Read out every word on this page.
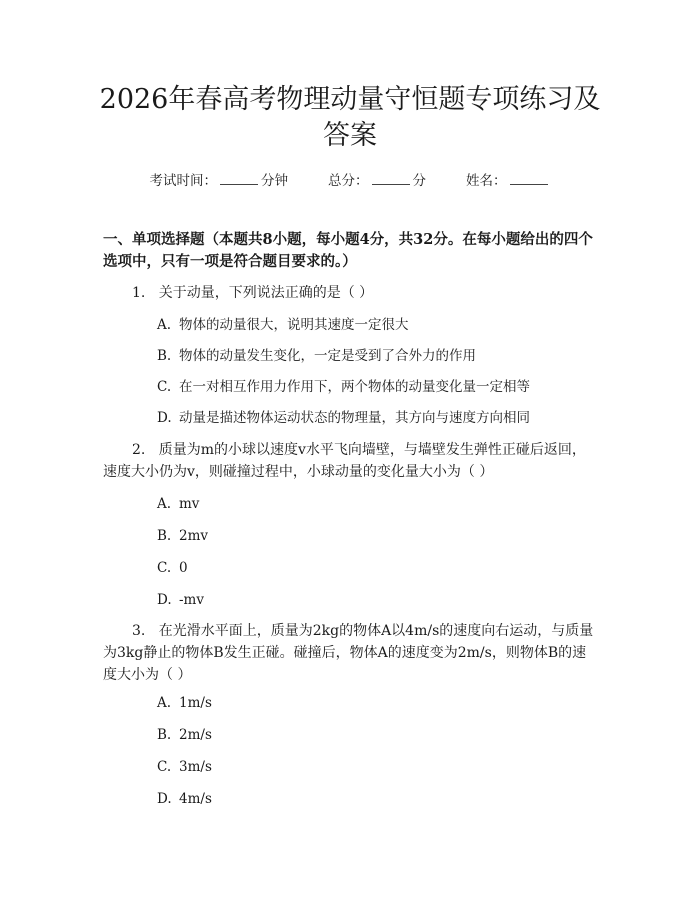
2026年春高考物理动量守恒题专项练习及答案
考试时间：	分钟	总分：	分	姓名：
一、单项选择题（本题共8小题，每小题4分，共32分。在每小题给出的四个选项中，只有一项是符合题目要求的。）
1. 关于动量，下列说法正确的是（ ）
A. 物体的动量很大，说明其速度一定很大
B. 物体的动量发生变化，一定是受到了合外力的作用
C. 在一对相互作用力作用下，两个物体的动量变化量一定相等
D. 动量是描述物体运动状态的物理量，其方向与速度方向相同
2. 质量为m的小球以速度v水平飞向墙壁，与墙壁发生弹性正碰后返回，速度大小仍为v，则碰撞过程中，小球动量的变化量大小为（ ）
A. mv
B. 2mv
C. 0
D. -mv
3. 在光滑水平面上，质量为2kg的物体A以4m/s的速度向右运动，与质量为3kg静止的物体B发生正碰。碰撞后，物体A的速度变为2m/s，则物体B的速度大小为（ ）
A. 1m/s
B. 2m/s
C. 3m/s
D. 4m/s
